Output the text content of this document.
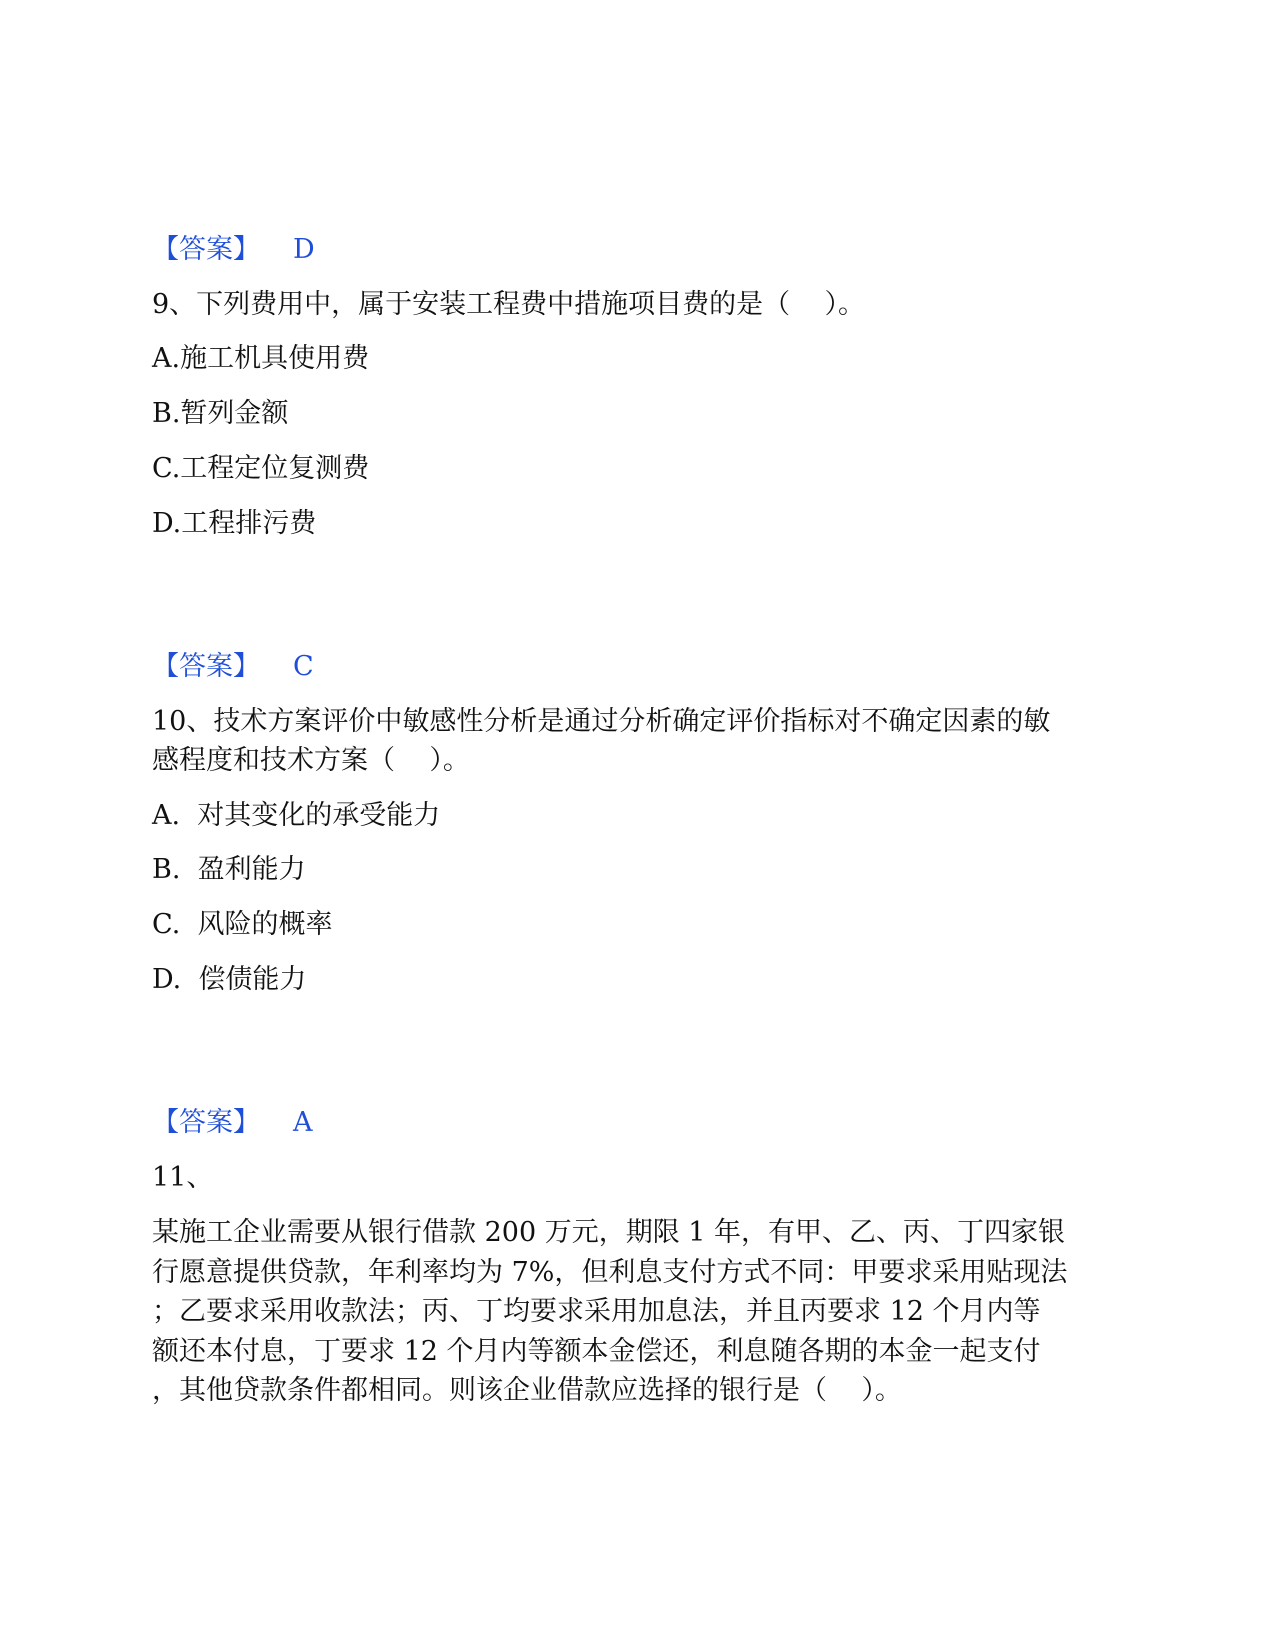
【答案】 D
9、下列费用中，属于安装工程费中措施项目费的是（    ）。
A.施工机具使用费
B.暂列金额
C.工程定位复测费
D.工程排污费
【答案】 C
10、技术方案评价中敏感性分析是通过分析确定评价指标对不确定因素的敏
感程度和技术方案（    ）。
A.  对其变化的承受能力
B.  盈利能力
C.  风险的概率
D.  偿债能力
【答案】 A
11、
某施工企业需要从银行借款 200 万元，期限 1 年，有甲、乙、丙、丁四家银
行愿意提供贷款，年利率均为 7%，但利息支付方式不同：甲要求采用贴现法
；乙要求采用收款法；丙、丁均要求采用加息法，并且丙要求 12 个月内等
额还本付息，丁要求 12 个月内等额本金偿还，利息随各期的本金一起支付
，其他贷款条件都相同。则该企业借款应选择的银行是（    ）。
